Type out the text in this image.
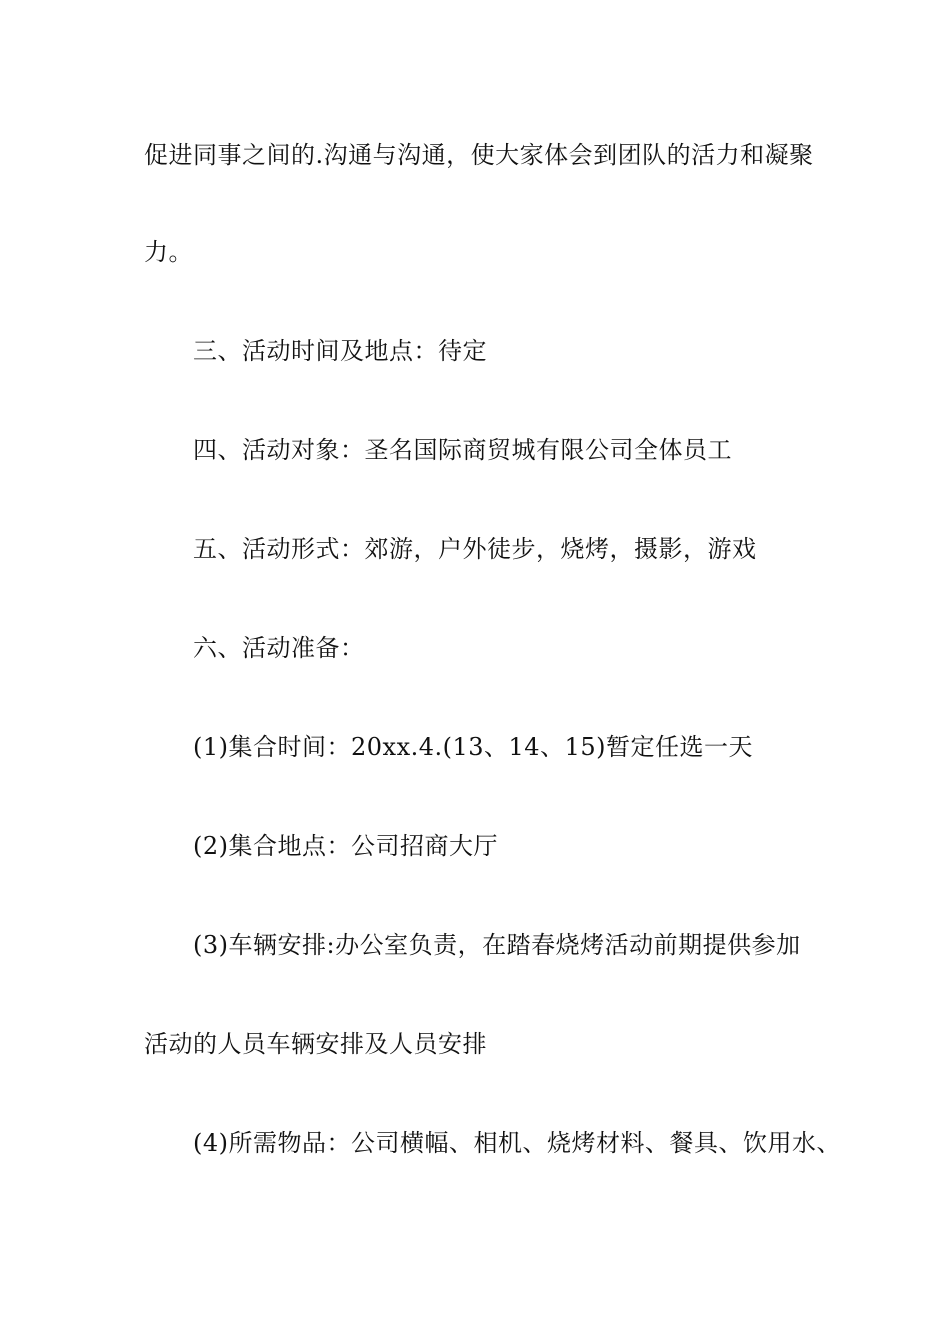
促进同事之间的.沟通与沟通，使大家体会到团队的活力和凝聚
力。
三、活动时间及地点：待定
四、活动对象：圣名国际商贸城有限公司全体员工
五、活动形式：郊游，户外徒步，烧烤，摄影，游戏
六、活动准备：
(1)集合时间：20xx.4.(13、14、15)暂定任选一天
(2)集合地点：公司招商大厅
(3)车辆安排:办公室负责，在踏春烧烤活动前期提供参加
活动的人员车辆安排及人员安排
(4)所需物品：公司横幅、相机、烧烤材料、餐具、饮用水、
